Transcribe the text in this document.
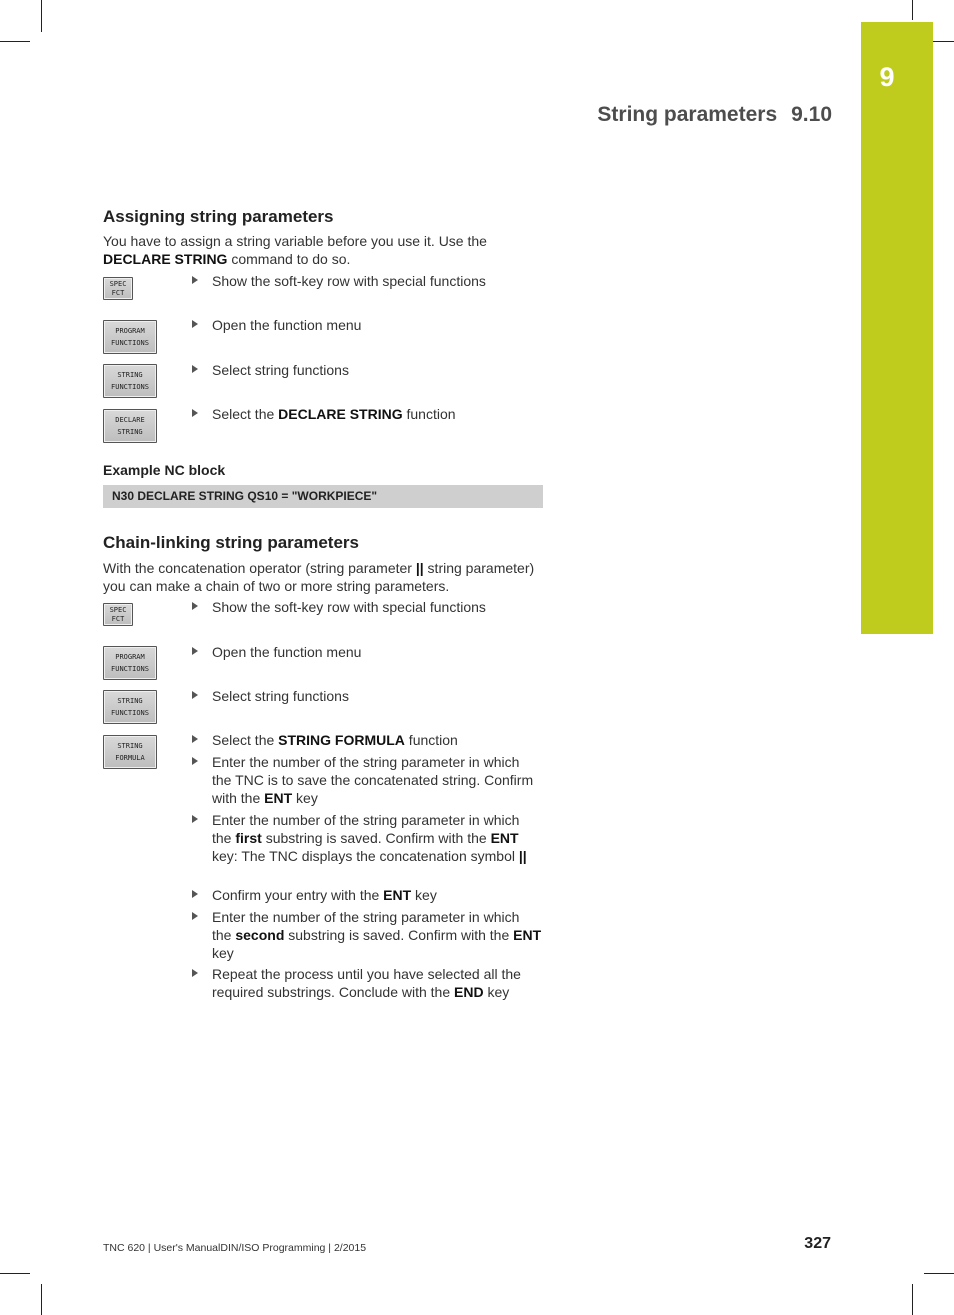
9
String parameters 9.10
Assigning string parameters

You have to assign a string variable before you use it. Use the DECLARE STRING command to do so.

SPEC
FCT
Show the soft-key row with special functions
PROGRAM
FUNCTIONS
Open the function menu
STRING
FUNCTIONS
Select string functions
DECLARE
STRING
Select the DECLARE STRING function
Example NC block
N30 DECLARE STRING QS10 = "WORKPIECE"
Chain-linking string parameters

With the concatenation operator (string parameter || string parameter) you can make a chain of two or more string parameters.

SPEC
FCT
Show the soft-key row with special functions
PROGRAM
FUNCTIONS
Open the function menu
STRING
FUNCTIONS
Select string functions
STRING
FORMULA
Select the STRING FORMULA function
Enter the number of the string parameter in which the TNC is to save the concatenated string. Confirm with the ENT key
Enter the number of the string parameter in which the first substring is saved. Confirm with the ENT key: The TNC displays the concatenation symbol ||
Confirm your entry with the ENT key
Enter the number of the string parameter in which the second substring is saved. Confirm with the ENT key
Repeat the process until you have selected all the required substrings. Conclude with the END key
TNC 620 | User's ManualDIN/ISO Programming | 2/2015	327
